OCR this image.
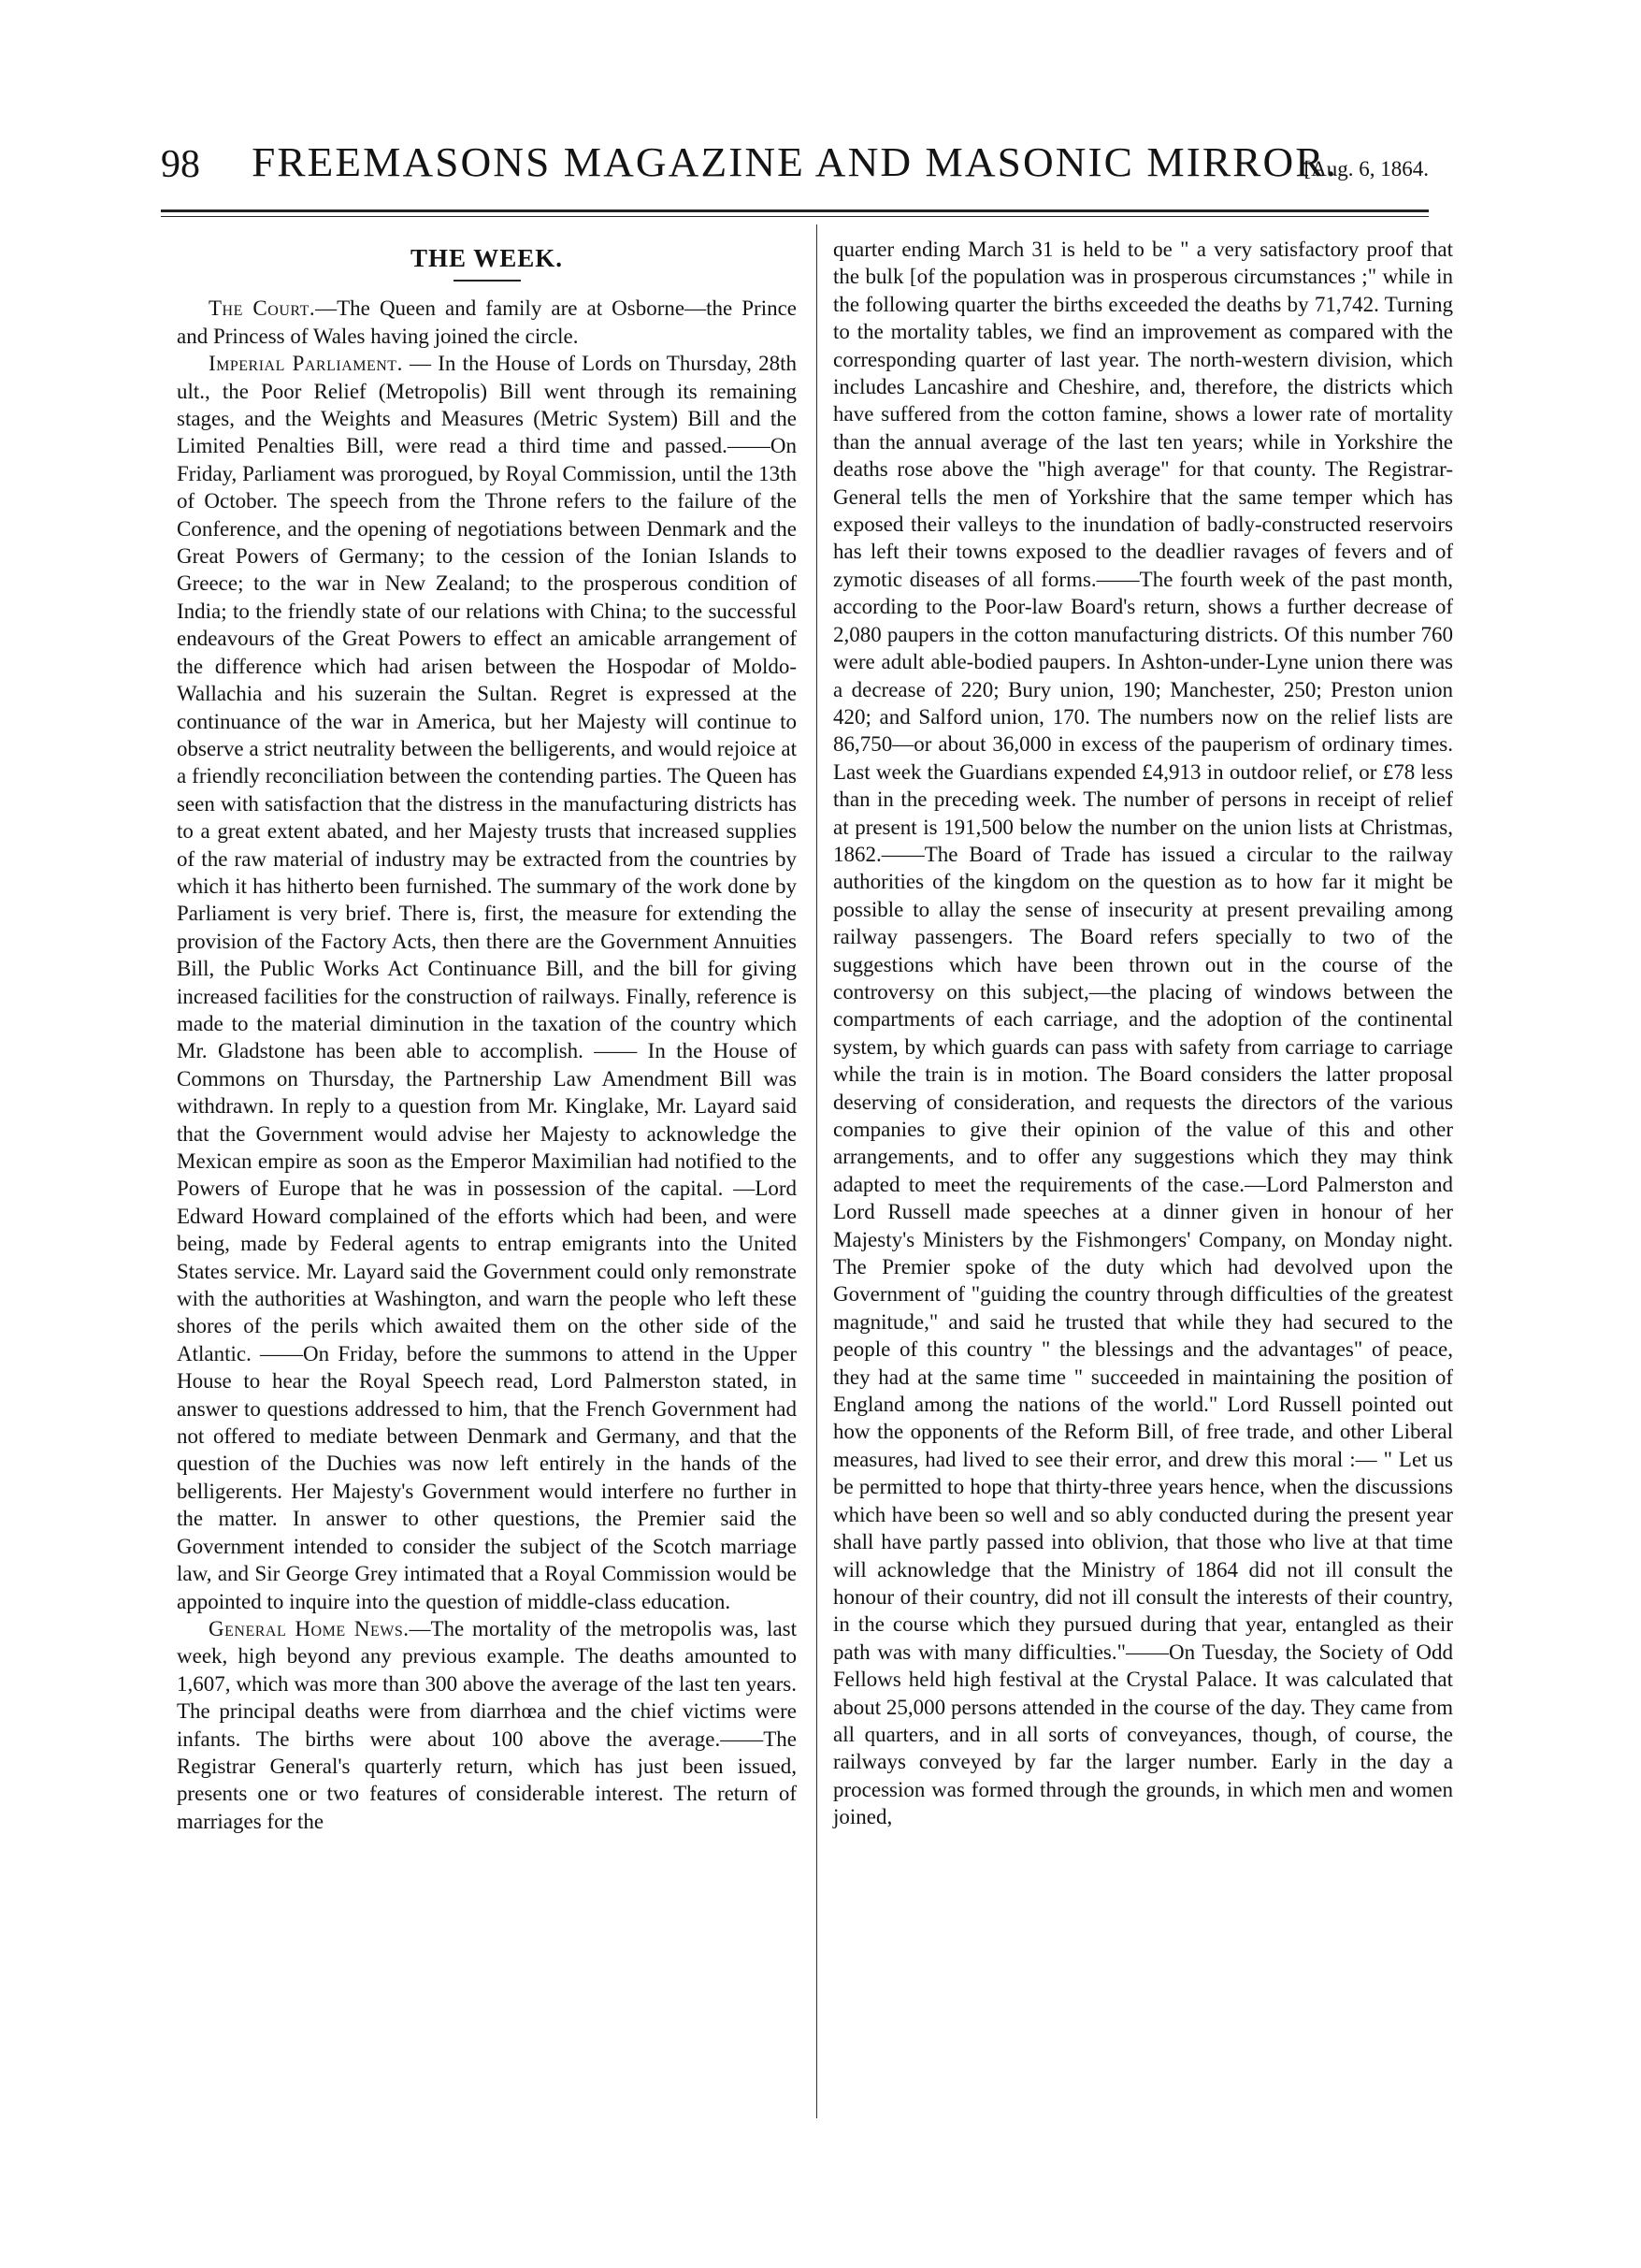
98	FREEMASONS MAGAZINE AND MASONIC MIRROR.
[Aug. 6, 1864.
THE WEEK.

The Court.—The Queen and family are at Osborne—the Prince and Princess of Wales having joined the circle.

Imperial Parliament. — In the House of Lords on Thursday, 28th ult., the Poor Relief (Metropolis) Bill went through its remaining stages, and the Weights and Measures (Metric System) Bill and the Limited Penalties Bill, were read a third time and passed.——On Friday, Parliament was prorogued, by Royal Commission, until the 13th of October. The speech from the Throne refers to the failure of the Conference, and the opening of negotiations between Denmark and the Great Powers of Germany; to the cession of the Ionian Islands to Greece; to the war in New Zealand; to the prosperous condition of India; to the friendly state of our relations with China; to the successful endeavours of the Great Powers to effect an amicable arrangement of the difference which had arisen between the Hospodar of Moldo-Wallachia and his suzerain the Sultan. Regret is expressed at the continuance of the war in America, but her Majesty will continue to observe a strict neutrality between the belligerents, and would rejoice at a friendly reconciliation between the contending parties. The Queen has seen with satisfaction that the distress in the manufacturing districts has to a great extent abated, and her Majesty trusts that increased supplies of the raw material of industry may be extracted from the countries by which it has hitherto been furnished. The summary of the work done by Parliament is very brief. There is, first, the measure for extending the provision of the Factory Acts, then there are the Government Annuities Bill, the Public Works Act Continuance Bill, and the bill for giving increased facilities for the construction of railways. Finally, reference is made to the material diminution in the taxation of the country which Mr. Gladstone has been able to accomplish. —— In the House of Commons on Thursday, the Partnership Law Amendment Bill was withdrawn. In reply to a question from Mr. Kinglake, Mr. Layard said that the Government would advise her Majesty to acknowledge the Mexican empire as soon as the Emperor Maximilian had notified to the Powers of Europe that he was in possession of the capital. —Lord Edward Howard complained of the efforts which had been, and were being, made by Federal agents to entrap emigrants into the United States service. Mr. Layard said the Government could only remonstrate with the authorities at Washington, and warn the people who left these shores of the perils which awaited them on the other side of the Atlantic. ——On Friday, before the summons to attend in the Upper House to hear the Royal Speech read, Lord Palmerston stated, in answer to questions addressed to him, that the French Government had not offered to mediate between Denmark and Germany, and that the question of the Duchies was now left entirely in the hands of the belligerents. Her Majesty's Government would interfere no further in the matter. In answer to other questions, the Premier said the Government intended to consider the subject of the Scotch marriage law, and Sir George Grey intimated that a Royal Commission would be appointed to inquire into the question of middle-class education.

General Home News.—The mortality of the metropolis was, last week, high beyond any previous example. The deaths amounted to 1,607, which was more than 300 above the average of the last ten years. The principal deaths were from diarrhœa and the chief victims were infants. The births were about 100 above the average.——The Registrar General's quarterly return, which has just been issued, presents one or two features of considerable interest. The return of marriages for the

quarter ending March 31 is held to be " a very satisfactory proof that the bulk [of the population was in prosperous circumstances ;" while in the following quarter the births exceeded the deaths by 71,742. Turning to the mortality tables, we find an improvement as compared with the corresponding quarter of last year. The north-western division, which includes Lancashire and Cheshire, and, therefore, the districts which have suffered from the cotton famine, shows a lower rate of mortality than the annual average of the last ten years; while in Yorkshire the deaths rose above the "high average" for that county. The Registrar-General tells the men of Yorkshire that the same temper which has exposed their valleys to the inundation of badly-constructed reservoirs has left their towns exposed to the deadlier ravages of fevers and of zymotic diseases of all forms.——The fourth week of the past month, according to the Poor-law Board's return, shows a further decrease of 2,080 paupers in the cotton manufacturing districts. Of this number 760 were adult able-bodied paupers. In Ashton-under-Lyne union there was a decrease of 220; Bury union, 190; Manchester, 250; Preston union 420; and Salford union, 170. The numbers now on the relief lists are 86,750—or about 36,000 in excess of the pauperism of ordinary times. Last week the Guardians expended £4,913 in outdoor relief, or £78 less than in the preceding week. The number of persons in receipt of relief at present is 191,500 below the number on the union lists at Christmas, 1862.——The Board of Trade has issued a circular to the railway authorities of the kingdom on the question as to how far it might be possible to allay the sense of insecurity at present prevailing among railway passengers. The Board refers specially to two of the suggestions which have been thrown out in the course of the controversy on this subject,—the placing of windows between the compartments of each carriage, and the adoption of the continental system, by which guards can pass with safety from carriage to carriage while the train is in motion. The Board considers the latter proposal deserving of consideration, and requests the directors of the various companies to give their opinion of the value of this and other arrangements, and to offer any suggestions which they may think adapted to meet the requirements of the case.—Lord Palmerston and Lord Russell made speeches at a dinner given in honour of her Majesty's Ministers by the Fishmongers' Company, on Monday night. The Premier spoke of the duty which had devolved upon the Government of "guiding the country through difficulties of the greatest magnitude," and said he trusted that while they had secured to the people of this country " the blessings and the advantages" of peace, they had at the same time " succeeded in maintaining the position of England among the nations of the world." Lord Russell pointed out how the opponents of the Reform Bill, of free trade, and other Liberal measures, had lived to see their error, and drew this moral :— " Let us be permitted to hope that thirty-three years hence, when the discussions which have been so well and so ably conducted during the present year shall have partly passed into oblivion, that those who live at that time will acknowledge that the Ministry of 1864 did not ill consult the honour of their country, did not ill consult the interests of their country, in the course which they pursued during that year, entangled as their path was with many difficulties."——On Tuesday, the Society of Odd Fellows held high festival at the Crystal Palace. It was calculated that about 25,000 persons attended in the course of the day. They came from all quarters, and in all sorts of conveyances, though, of course, the railways conveyed by far the larger number. Early in the day a procession was formed through the grounds, in which men and women joined,
